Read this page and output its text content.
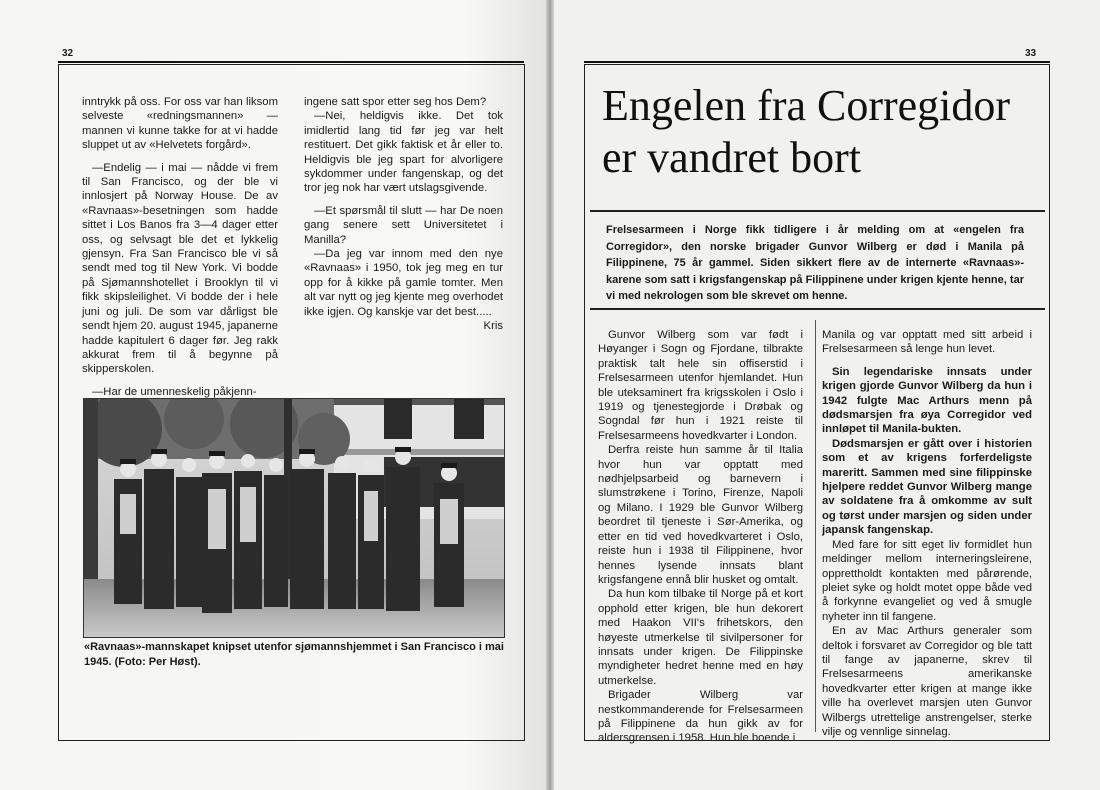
32

inntrykk på oss. For oss var han liksom selveste «redningsmannen» — mannen vi kunne takke for at vi hadde sluppet ut av «Helvetets forgård».

—Endelig — i mai — nådde vi frem til San Francisco, og der ble vi innlosjert på Norway House. De av «Ravnaas»-besetningen som hadde sittet i Los Banos fra 3—4 dager etter oss, og selvsagt ble det et lykkelig gjensyn. Fra San Francisco ble vi så sendt med tog til New York. Vi bodde på Sjømannshotellet i Brooklyn til vi fikk skipsleilighet. Vi bodde der i hele juni og juli. De som var dårligst ble sendt hjem 20. august 1945, japanerne hadde kapitulert 6 dager før. Jeg rakk akkurat frem til å begynne på skipperskolen.

—Har de umenneskelig påkjenn-

ingene satt spor etter seg hos Dem?

—Nei, heldigvis ikke. Det tok imidlertid lang tid før jeg var helt restituert. Det gikk faktisk et år eller to. Heldigvis ble jeg spart for alvorligere sykdommer under fangenskap, og det tror jeg nok har vært utslagsgivende.

—Et spørsmål til slutt — har De noen gang senere sett Universitetet i Manilla?

—Da jeg var innom med den nye «Ravnaas» i 1950, tok jeg meg en tur opp for å kikke på gamle tomter. Men alt var nytt og jeg kjente meg overhodet ikke igjen. Og kanskje var det best.....

Kris

«Ravnaas»-mannskapet knipset utenfor sjømannshjemmet i San Francisco i mai 1945. (Foto: Per Høst).
33
Engelen fra Corregidor er vandret bort

Frelsesarmeen i Norge fikk tidligere i år melding om at «engelen fra Corregidor», den norske brigader Gunvor Wilberg er død i Manila på Filippinene, 75 år gammel. Siden sikkert flere av de internerte «Ravnaas»-karene som satt i krigsfangenskap på Filippinene under krigen kjente henne, tar vi med nekrologen som ble skrevet om henne.

Gunvor Wilberg som var født i Høyanger i Sogn og Fjordane, tilbrakte praktisk talt hele sin offiserstid i Frelsesarmeen utenfor hjemlandet. Hun ble uteksaminert fra krigsskolen i Oslo i 1919 og tjenestegjorde i Drøbak og Sogndal før hun i 1921 reiste til Frelsesarmeens hovedkvarter i London.

Derfra reiste hun samme år til Italia hvor hun var opptatt med nødhjelpsarbeid og barnevern i slumstrøkene i Torino, Firenze, Napoli og Milano. I 1929 ble Gunvor Wilberg beordret til tjeneste i Sør-Amerika, og etter en tid ved hovedkvarteret i Oslo, reiste hun i 1938 til Filippinene, hvor hennes lysende innsats blant krigsfangene ennå blir husket og omtalt.

Da hun kom tilbake til Norge på et kort opphold etter krigen, ble hun dekorert med Haakon VII's frihetskors, den høyeste utmerkelse til sivilpersoner for innsats under krigen. De Filippinske myndigheter hedret henne med en høy utmerkelse.

Brigader Wilberg var nestkommanderende for Frelsesarmeen på Filippinene da hun gikk av for aldersgrensen i 1958. Hun ble boende i

Manila og var opptatt med sitt arbeid i Frelsesarmeen så lenge hun levet.

Sin legendariske innsats under krigen gjorde Gunvor Wilberg da hun i 1942 fulgte Mac Arthurs menn på dødsmarsjen fra øya Corregidor ved innløpet til Manila-bukten.

Dødsmarsjen er gått over i historien som et av krigens forferdeligste mareritt. Sammen med sine filippinske hjelpere reddet Gunvor Wilberg mange av soldatene fra å omkomme av sult og tørst under marsjen og siden under japansk fangenskap.

Med fare for sitt eget liv formidlet hun meldinger mellom interneringsleirene, opprettholdt kontakten med pårørende, pleiet syke og holdt motet oppe både ved å forkynne evangeliet og ved å smugle nyheter inn til fangene.

En av Mac Arthurs generaler som deltok i forsvaret av Corregidor og ble tatt til fange av japanerne, skrev til Frelsesarmeens amerikanske hovedkvarter etter krigen at mange ikke ville ha overlevet marsjen uten Gunvor Wilbergs utrettelige anstrengelser, sterke vilje og vennlige sinnelag.
